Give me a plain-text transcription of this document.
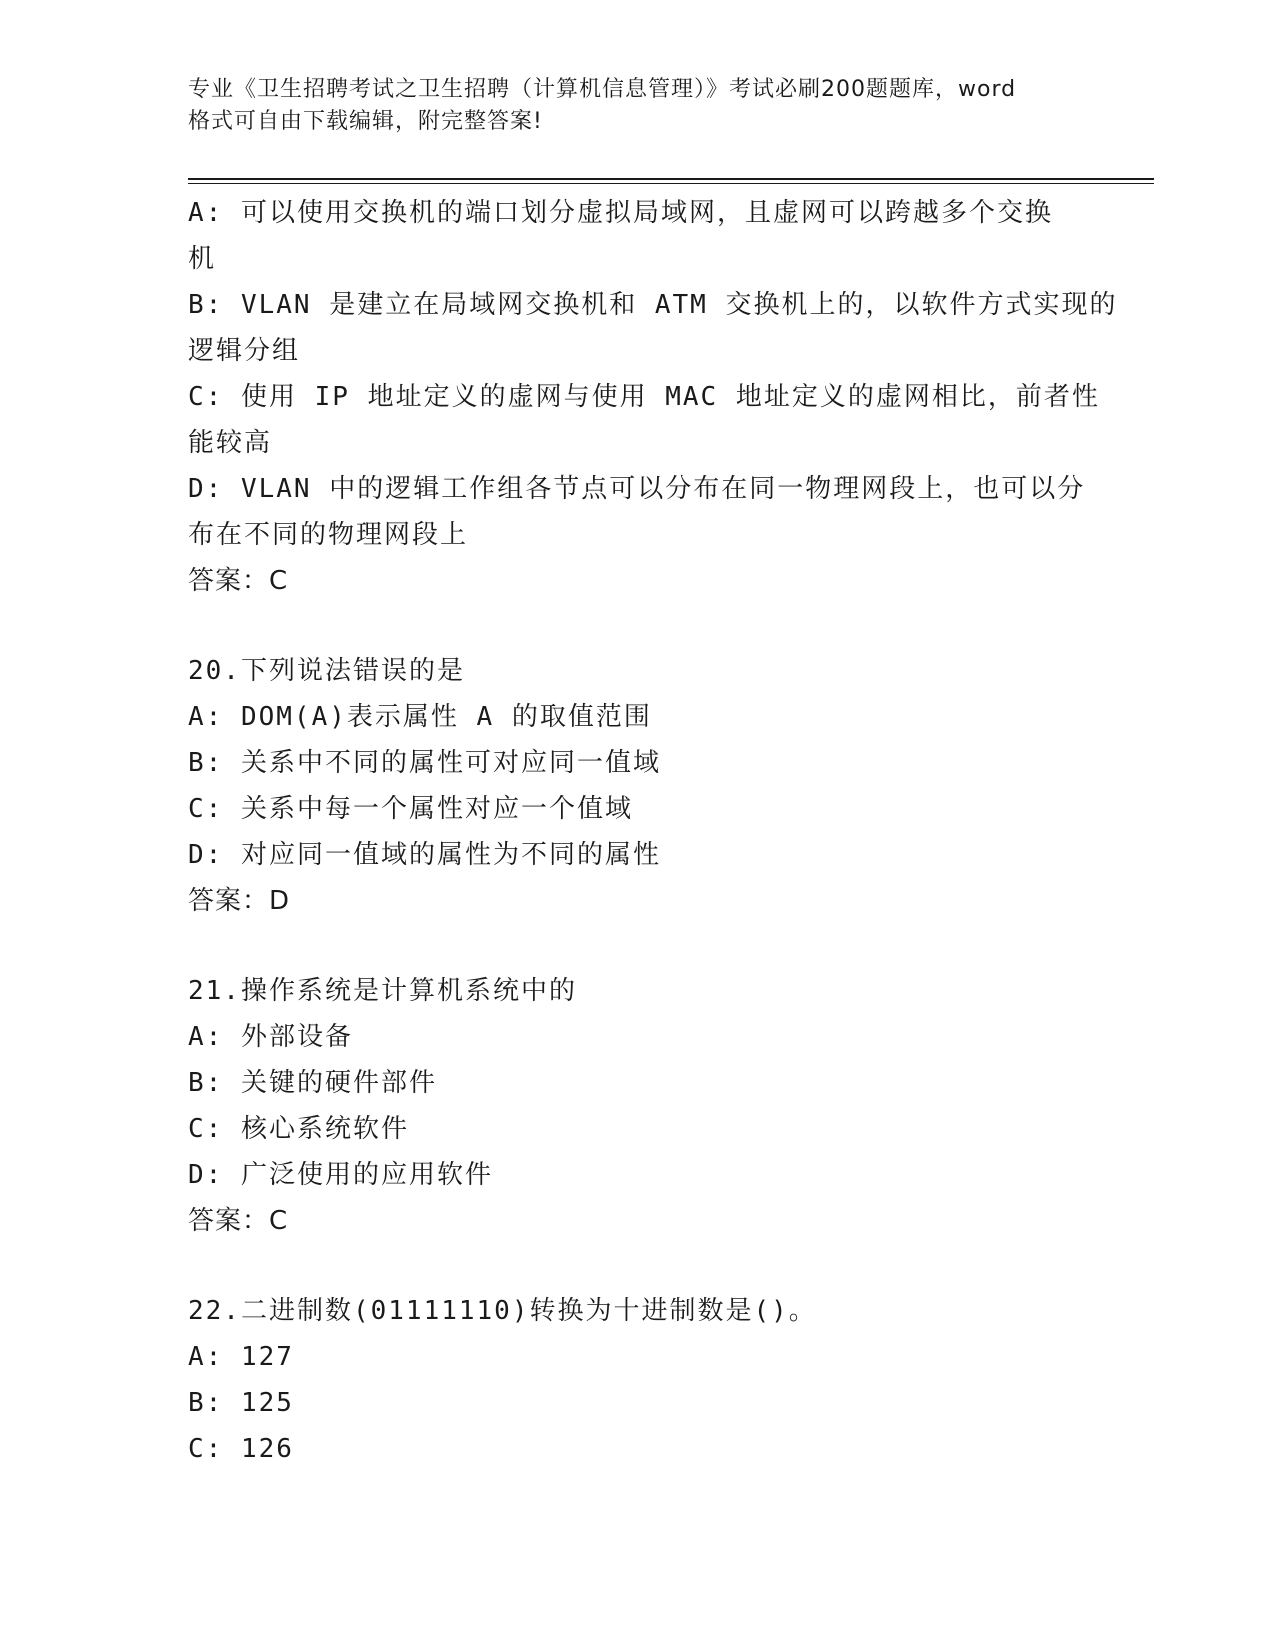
专业《卫生招聘考试之卫生招聘（计算机信息管理）》考试必刷200题题库，word
格式可自由下载编辑，附完整答案!
A: 可以使用交换机的端口划分虚拟局域网，且虚网可以跨越多个交换
机
B: VLAN 是建立在局域网交换机和 ATM 交换机上的，以软件方式实现的
逻辑分组
C: 使用 IP 地址定义的虚网与使用 MAC 地址定义的虚网相比，前者性
能较高
D: VLAN 中的逻辑工作组各节点可以分布在同一物理网段上，也可以分
布在不同的物理网段上
答案：C
20.下列说法错误的是
A: DOM(A)表示属性 A 的取值范围
B: 关系中不同的属性可对应同一值域
C: 关系中每一个属性对应一个值域
D: 对应同一值域的属性为不同的属性
答案：D
21.操作系统是计算机系统中的
A: 外部设备
B: 关键的硬件部件
C: 核心系统软件
D: 广泛使用的应用软件
答案：C
22.二进制数(01111110)转换为十进制数是()。
A: 127
B: 125
C: 126
